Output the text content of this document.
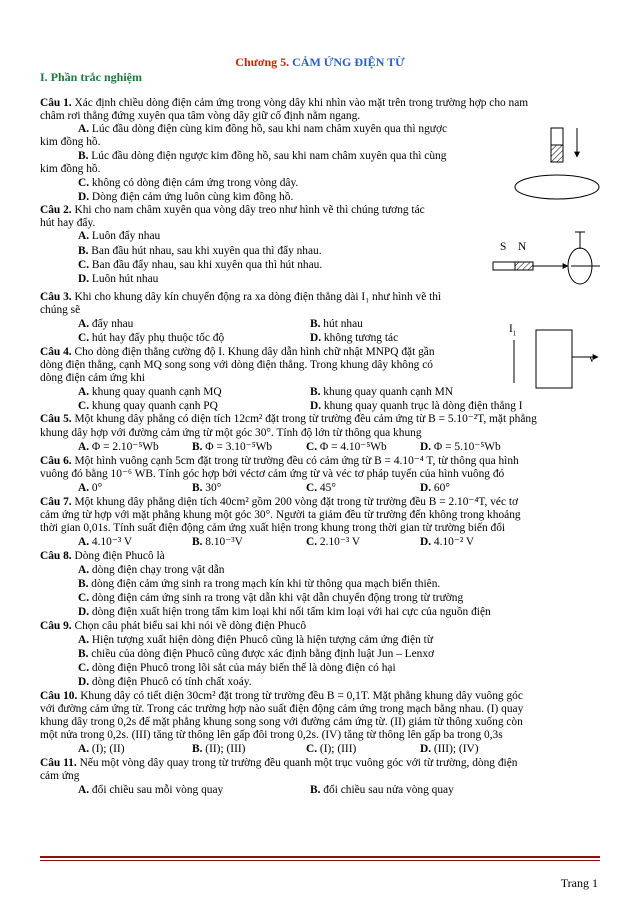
Chương 5. CẢM ỨNG ĐIỆN TỪ
I. Phần trắc nghiệm
Câu 1. Xác định chiều dòng điện cảm ứng trong vòng dây khi nhìn vào mặt trên trong trường hợp cho nam
châm rơi thẳng đứng xuyên qua tâm vòng dây giữ cố định nằm ngang.
A. Lúc đầu dòng điện cùng kim đồng hồ, sau khi nam châm xuyên qua thì ngược
kim đồng hồ.
B. Lúc đầu dòng điện ngược kim đồng hồ, sau khi nam châm xuyên qua thì cùng
kim đồng hồ.
C. không có dòng điện cảm ứng trong vòng dây.
D. Dòng điện cảm ứng luôn cùng kim đồng hồ.
Câu 2. Khi cho nam châm xuyên qua vòng dây treo như hình vẽ thì chúng tương tác
hút hay đẩy.
A. Luôn đẩy nhau
B. Ban đầu hút nhau, sau khi xuyên qua thì đẩy nhau.
C. Ban đầu đẩy nhau, sau khi xuyên qua thì hút nhau.
D. Luôn hút nhau
Câu 3. Khi cho khung dây kín chuyển động ra xa dòng điện thẳng dài I₁ như hình vẽ thì
chúng sẽ
A. đẩy nhau	B. hút nhau
C. hút hay đẩy phụ thuộc tốc độ	D. không tương tác
Câu 4. Cho dòng điện thẳng cường độ I. Khung dây dẫn hình chữ nhật MNPQ đặt gần
dòng điện thẳng, cạnh MQ song song với dòng điện thẳng. Trong khung dây không có
dòng điện cảm ứng khi
A. khung quay quanh cạnh MQ	B. khung quay quanh cạnh MN
C. khung quay quanh cạnh PQ	D. khung quay quanh trục là dòng điện thẳng I
Câu 5. Một khung dây phẳng có diện tích 12cm² đặt trong từ trường đều cảm ứng từ B = 5.10⁻²T, mặt phẳng
khung dây hợp với đường cảm ứng từ một góc 30°. Tính độ lớn từ thông qua khung
A. Φ = 2.10⁻⁵Wb	B. Φ = 3.10⁻⁵Wb	C. Φ = 4.10⁻⁵Wb	D. Φ = 5.10⁻⁵Wb
Câu 6. Một hình vuông cạnh 5cm đặt trong từ trường đều có cảm ứng từ B = 4.10⁻⁴ T, từ thông qua hình
vuông đó bằng 10⁻⁶ WB. Tính góc hợp bởi véctơ cảm ứng từ và véc tơ pháp tuyến của hình vuông đó
A. 0°	B. 30°	C. 45°	D. 60°
Câu 7. Một khung dây phẳng diện tích 40cm² gồm 200 vòng đặt trong từ trường đều B = 2.10⁻⁴T, véc tơ
cảm ứng từ hợp với mặt phẳng khung một góc 30°. Người ta giảm đều từ trường đến không trong khoảng
thời gian 0,01s. Tính suất điện động cảm ứng xuất hiện trong khung trong thời gian từ trường biến đổi
A. 4.10⁻³ V	B. 8.10⁻³V	C. 2.10⁻³ V	D. 4.10⁻² V
Câu 8. Dòng điện Phucô là
A. dòng điện chạy trong vật dẫn
B. dòng điện cảm ứng sinh ra trong mạch kín khi từ thông qua mạch biến thiên.
C. dòng điện cảm ứng sinh ra trong vật dẫn khi vật dẫn chuyển động trong từ trường
D. dòng điện xuất hiện trong tấm kim loại khi nối tấm kim loại với hai cực của nguồn điện
Câu 9. Chọn câu phát biểu sai khi nói về dòng điện Phucô
A. Hiện tượng xuất hiện dòng điện Phucô cũng là hiện tượng cảm ứng điện từ
B. chiều của dòng điện Phucô cũng được xác định bằng định luật Jun – Lenxơ
C. dòng điện Phucô trong lõi sắt của máy biến thế là dòng điện có hại
D. dòng điện Phucô có tính chất xoáy.
Câu 10. Khung dây có tiết diện 30cm² đặt trong từ trường đều B = 0,1T. Mặt phẳng khung dây vuông góc
với đường cảm ứng từ. Trong các trường hợp nào suất điện động cảm ứng trong mạch bằng nhau. (I) quay
khung dây trong 0,2s để mặt phẳng khung song song với đường cảm ứng từ. (II) giảm từ thông xuống còn
một nửa trong 0,2s. (III) tăng từ thông lên gấp đôi trong 0,2s. (IV) tăng từ thông lên gấp ba trong 0,3s
A. (I); (II)	B. (II); (III)	C. (I); (III)	D. (III); (IV)
Câu 11. Nếu một vòng dây quay trong từ trường đều quanh một trục vuông góc với từ trường, dòng điện
cảm ứng
A. đổi chiều sau mỗi vòng quay	B. đổi chiều sau nửa vòng quay
S N
$I_1$
v
Trang 1
